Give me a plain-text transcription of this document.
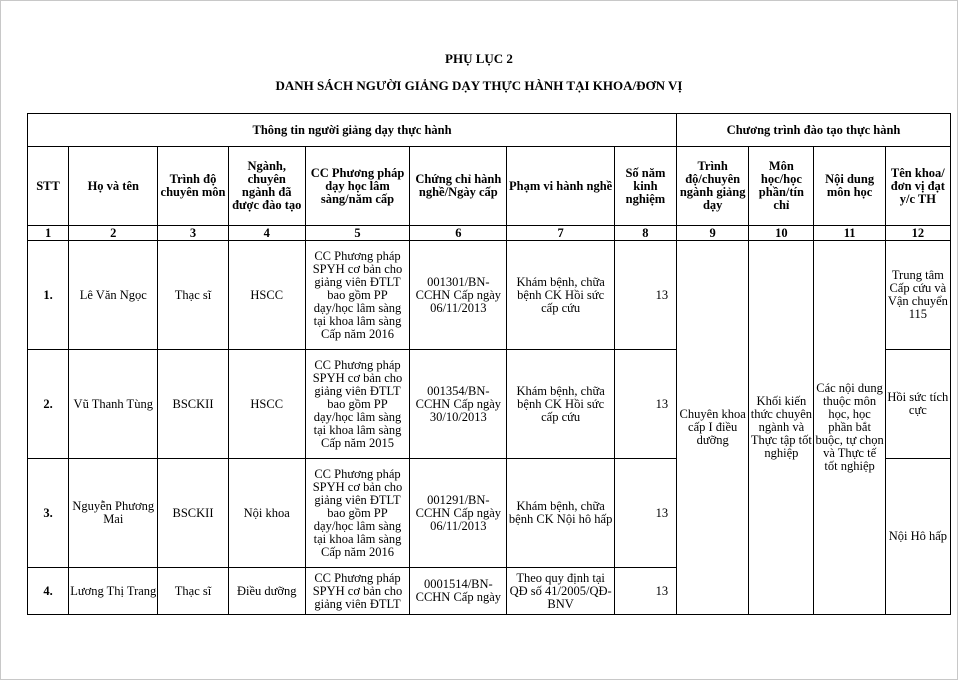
PHỤ LỤC 2
DANH SÁCH NGƯỜI GIẢNG DẠY THỰC HÀNH TẠI KHOA/ĐƠN VỊ
Thông tin người giảng dạy thực hành								Chương trình đào tạo thực hành			
STT	Họ và tên	Trình độ chuyên môn	Ngành, chuyên ngành đã được đào tạo	CC Phương pháp dạy học lâm sàng/năm cấp	Chứng chỉ hành nghề/Ngày cấp	Phạm vi hành nghề	Số năm kinh nghiệm	Trình độ/chuyên ngành giảng dạy	Môn học/học phần/tín chỉ	Nội dung môn học	Tên khoa/đơn vị đạt y/c TH
1	2	3	4	5	6	7	8	9	10	11	12
1.	Lê Văn Ngọc	Thạc sĩ	HSCC	CC Phương pháp SPYH cơ bản cho giảng viên ĐTLT bao gồm PP dạy/học lâm sàng tại khoa lâm sàng Cấp năm 2016	001301/BN-CCHN Cấp ngày 06/11/2013	Khám bệnh, chữa bệnh CK Hồi sức cấp cứu	13	Chuyên khoa cấp I điều dưỡng	Khối kiến thức chuyên ngành và Thực tập tốt nghiệp	Các nội dung thuộc môn học, học phần bắt buộc, tự chọn và Thực tế tốt nghiệp	Trung tâm Cấp cứu và Vận chuyển 115
2.	Vũ Thanh Tùng	BSCKII	HSCC	CC Phương pháp SPYH cơ bản cho giảng viên ĐTLT bao gồm PP dạy/học lâm sàng tại khoa lâm sàng Cấp năm 2015	001354/BN-CCHN Cấp ngày 30/10/2013	Khám bệnh, chữa bệnh CK Hồi sức cấp cứu	13				Hồi sức tích cực
3.	Nguyễn Phương Mai	BSCKII	Nội khoa	CC Phương pháp SPYH cơ bản cho giảng viên ĐTLT bao gồm PP dạy/học lâm sàng tại khoa lâm sàng Cấp năm 2016	001291/BN-CCHN Cấp ngày 06/11/2013	Khám bệnh, chữa bệnh CK Nội hô hấp	13				Nội Hô hấp
4.	Lương Thị Trang	Thạc sĩ	Điều dưỡng	CC Phương pháp SPYH cơ bản cho giảng viên ĐTLT	0001514/BN-CCHN Cấp ngày	Theo quy định tại QĐ số 41/2005/QĐ-BNV	13				
